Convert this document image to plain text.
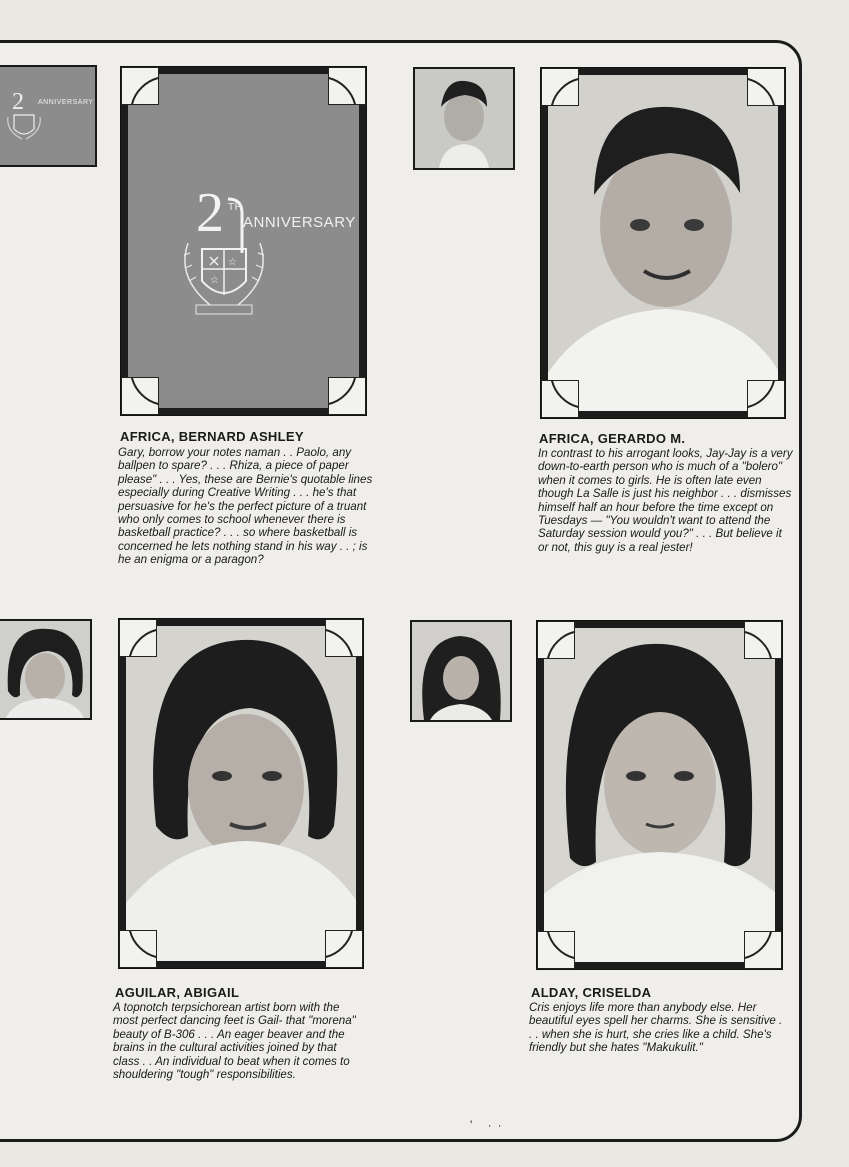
2 ANNIVERSARY
2
☆
☆
TH
ANNIVERSARY
AFRICA, BERNARD ASHLEY
Gary, borrow your notes naman . . Paolo, any ballpen to spare? . . . Rhiza, a piece of paper please" . . . Yes, these are Bernie's quotable lines especially during Creative Writing . . . he's that persuasive for he's the perfect picture of a truant who only comes to school whenever there is basketball practice? . . . so where basketball is concerned he lets nothing stand in his way . . ; is he an enigma or a paragon?
AFRICA, GERARDO M.
In contrast to his arrogant looks, Jay-Jay is a very down-to-earth person who is much of a "bolero" when it comes to girls. He is often late even though La Salle is just his neighbor . . . dismisses himself half an hour before the time except on Tuesdays — "You wouldn't want to attend the Saturday session would you?" . . . But believe it or not, this guy is a real jester!
AGUILAR, ABIGAIL
A topnotch terpsichorean artist born with the most perfect dancing feet is Gail- that "morena" beauty of B-306 . . . An eager beaver and the brains in the cultural activities joined by that class . . An individual to beat when it comes to shouldering "tough" responsibilities.
ALDAY, CRISELDA
Cris enjoys life more than anybody else. Her beautiful eyes spell her charms. She is sensitive . . . when she is hurt, she cries like a child. She's friendly but she hates "Makukulit."
' ··
